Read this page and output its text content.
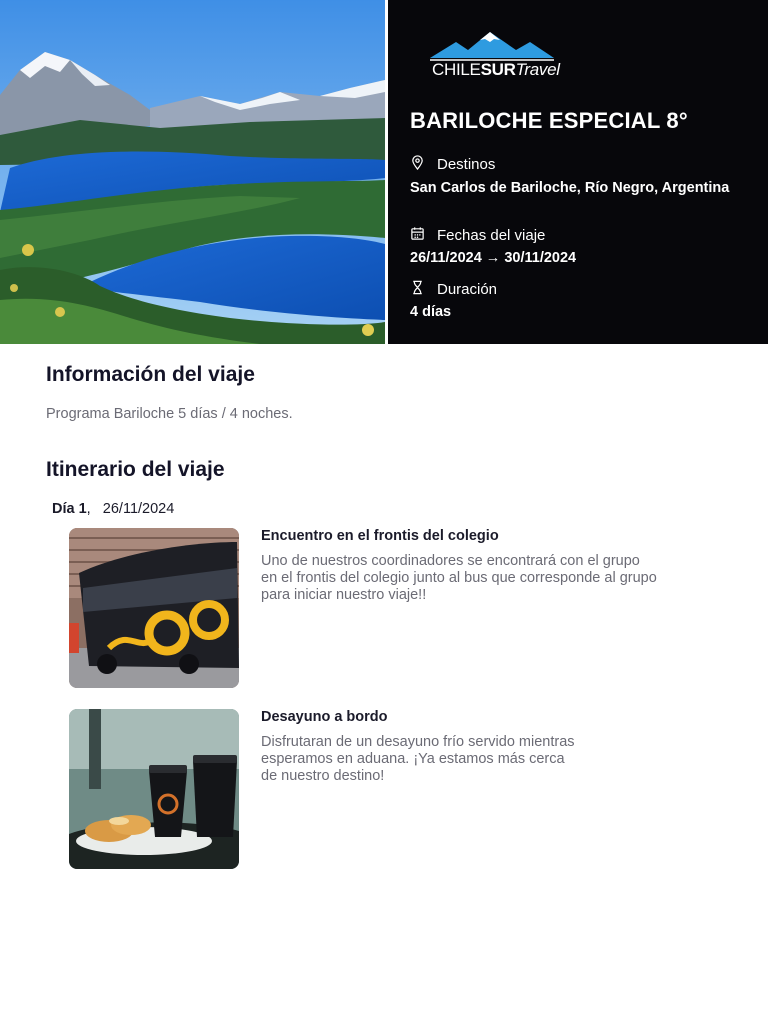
CHILESURTravel
BARILOCHE ESPECIAL 8°
Destinos
San Carlos de Bariloche, Río Negro, Argentina
Fechas del viaje
26/11/2024 → 30/11/2024
Duración
4 días
Información del viaje
Programa Bariloche 5 días / 4 noches.
Itinerario del viaje
Día 1, 26/11/2024
Encuentro en el frontis del colegio
Uno de nuestros coordinadores se encontrará con el grupo en el frontis del colegio junto al bus que corresponde al grupo para iniciar nuestro viaje!!
Desayuno a bordo
Disfrutaran de un desayuno frío servido mientras esperamos en aduana. ¡Ya estamos más cerca de nuestro destino!
